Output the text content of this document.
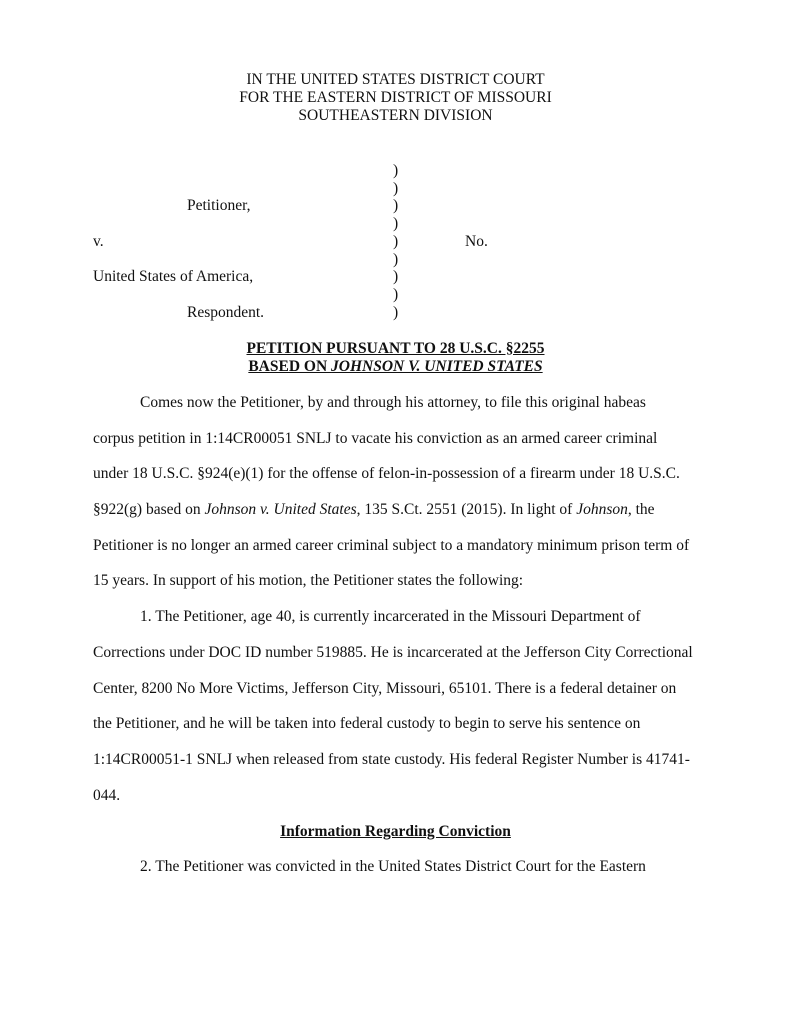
IN THE UNITED STATES DISTRICT COURT
FOR THE EASTERN DISTRICT OF MISSOURI
SOUTHEASTERN DIVISION
)
)
)
)
)
)
)
)
)
Petitioner,
v.	No.
United States of America,
Respondent.
PETITION PURSUANT TO 28 U.S.C. §2255
BASED ON JOHNSON V. UNITED STATES
Comes now the Petitioner, by and through his attorney, to file this original habeas
corpus petition in 1:14CR00051 SNLJ to vacate his conviction as an armed career criminal
under 18 U.S.C. §924(e)(1) for the offense of felon-in-possession of a firearm under 18 U.S.C.
§922(g) based on Johnson v. United States, 135 S.Ct. 2551 (2015). In light of Johnson, the
Petitioner is no longer an armed career criminal subject to a mandatory minimum prison term of
15 years. In support of his motion, the Petitioner states the following:
1. The Petitioner, age 40, is currently incarcerated in the Missouri Department of
Corrections under DOC ID number 519885. He is incarcerated at the Jefferson City Correctional
Center, 8200 No More Victims, Jefferson City, Missouri, 65101. There is a federal detainer on
the Petitioner, and he will be taken into federal custody to begin to serve his sentence on
1:14CR00051-1 SNLJ when released from state custody. His federal Register Number is 41741-
044.
Information Regarding Conviction
2. The Petitioner was convicted in the United States District Court for the Eastern
